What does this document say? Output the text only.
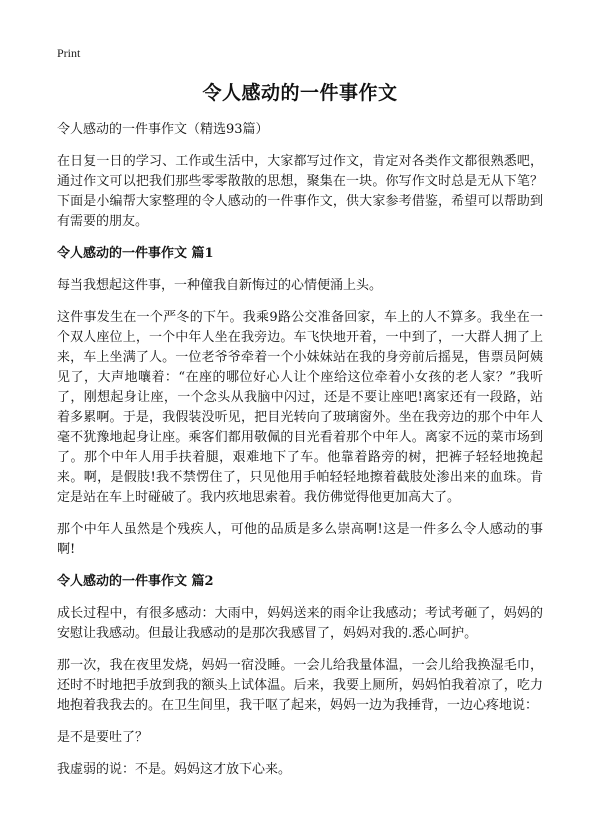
Print
令人感动的一件事作文

令人感动的一件事作文（精选93篇）

在日复一日的学习、工作或生活中，大家都写过作文，肯定对各类作文都很熟悉吧，通过作文可以把我们那些零零散散的思想，聚集在一块。你写作文时总是无从下笔？下面是小编帮大家整理的令人感动的一件事作文，供大家参考借鉴，希望可以帮助到有需要的朋友。

令人感动的一件事作文 篇1

每当我想起这件事，一种僮我自新悔过的心情便涌上头。

这件事发生在一个严冬的下午。我乘9路公交准备回家，车上的人不算多。我坐在一个双人座位上，一个中年人坐在我旁边。车飞快地开着，一中到了，一大群人拥了上来，车上坐满了人。一位老爷爷牵着一个小妹妹站在我的身旁前后摇晃，售票员阿姨见了，大声地嚷着：“在座的哪位好心人让个座给这位牵着小女孩的老人家？”我听了，刚想起身让座，一个念头从我脑中闪过，还是不要让座吧!离家还有一段路，站着多累啊。于是，我假装没听见，把目光转向了玻璃窗外。坐在我旁边的那个中年人毫不犹豫地起身让座。乘客们都用敬佩的目光看着那个中年人。离家不远的菜市场到了。那个中年人用手扶着腿，艰难地下了车。他靠着路旁的树，把裤子轻轻地挽起来。啊，是假肢!我不禁愣住了，只见他用手帕轻轻地擦着截肢处渗出来的血珠。肯定是站在车上时碰破了。我内疚地思索着。我仿佛觉得他更加高大了。

那个中年人虽然是个残疾人，可他的品质是多么崇高啊!这是一件多么令人感动的事啊!

令人感动的一件事作文 篇2

成长过程中，有很多感动：大雨中，妈妈送来的雨伞让我感动；考试考砸了，妈妈的安慰让我感动。但最让我感动的是那次我感冒了，妈妈对我的.悉心呵护。

那一次，我在夜里发烧，妈妈一宿没睡。一会儿给我量体温，一会儿给我换湿毛巾，还时不时地把手放到我的额头上试体温。后来，我要上厕所，妈妈怕我着凉了，吃力地抱着我我去的。在卫生间里，我干呕了起来，妈妈一边为我捶背，一边心疼地说：

是不是要吐了？

我虚弱的说：不是。妈妈这才放下心来。
